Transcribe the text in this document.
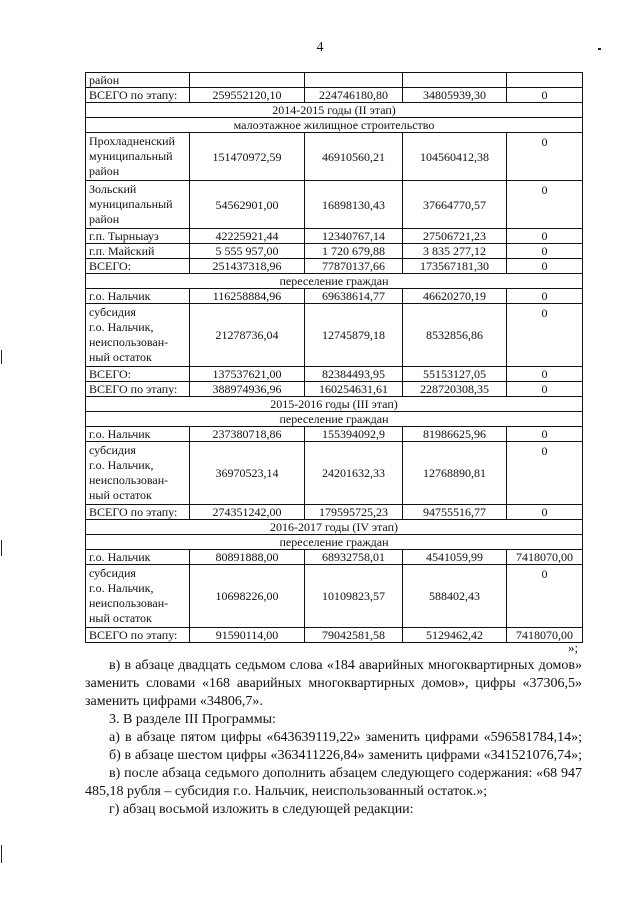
4
район				
ВСЕГО по этапу:	259552120,10	224746180,80	34805939,30	0
2014-2015 годы (II этап)				
малоэтажное жилищное строительство				

Прохладненский
муниципальный
район	151470972,59	46910560,21	104560412,38	0

Зольский
муниципальный
район	54562901,00	16898130,43	37664770,57	0
г.п. Тырныауз	42225921,44	12340767,14	27506721,23	0
г.п. Майский	5 555 957,00	1 720 679,88	3 835 277,12	0
ВСЕГО:	251437318,96	77870137,66	173567181,30	0
переселение граждан				
г.о. Нальчик	116258884,96	69638614,77	46620270,19	0

субсидия
г.о. Нальчик,
неиспользован-
ный остаток	21278736,04	12745879,18	8532856,86	0
ВСЕГО:	137537621,00	82384493,95	55153127,05	0
ВСЕГО по этапу:	388974936,96	160254631,61	228720308,35	0
2015-2016 годы (III этап)				
переселение граждан				
г.о. Нальчик	237380718,86	155394092,9	81986625,96	0

субсидия
г.о. Нальчик,
неиспользован-
ный остаток	36970523,14	24201632,33	12768890,81	0
ВСЕГО по этапу:	274351242,00	179595725,23	94755516,77	0
2016-2017 годы (IV этап)				
переселение граждан				
г.о. Нальчик	80891888,00	68932758,01	4541059,99	7418070,00

субсидия
г.о. Нальчик,
неиспользован-
ный остаток	10698226,00	10109823,57	588402,43	0
ВСЕГО по этапу:	91590114,00	79042581,58	5129462,42	7418070,00
»;

в) в абзаце двадцать седьмом слова «184 аварийных многоквартирных домов» заменить словами «168 аварийных многоквартирных домов», цифры «37306,5» заменить цифрами «34806,7».

3. В разделе III Программы:

а) в абзаце пятом цифры «643639119,22» заменить цифрами «596581784,14»;

б) в абзаце шестом цифры «363411226,84» заменить цифрами «341521076,74»;

в) после абзаца седьмого дополнить абзацем следующего содержания: «68 947 485,18 рубля – субсидия г.о. Нальчик, неиспользованный остаток.»;

г) абзац восьмой изложить в следующей редакции:
